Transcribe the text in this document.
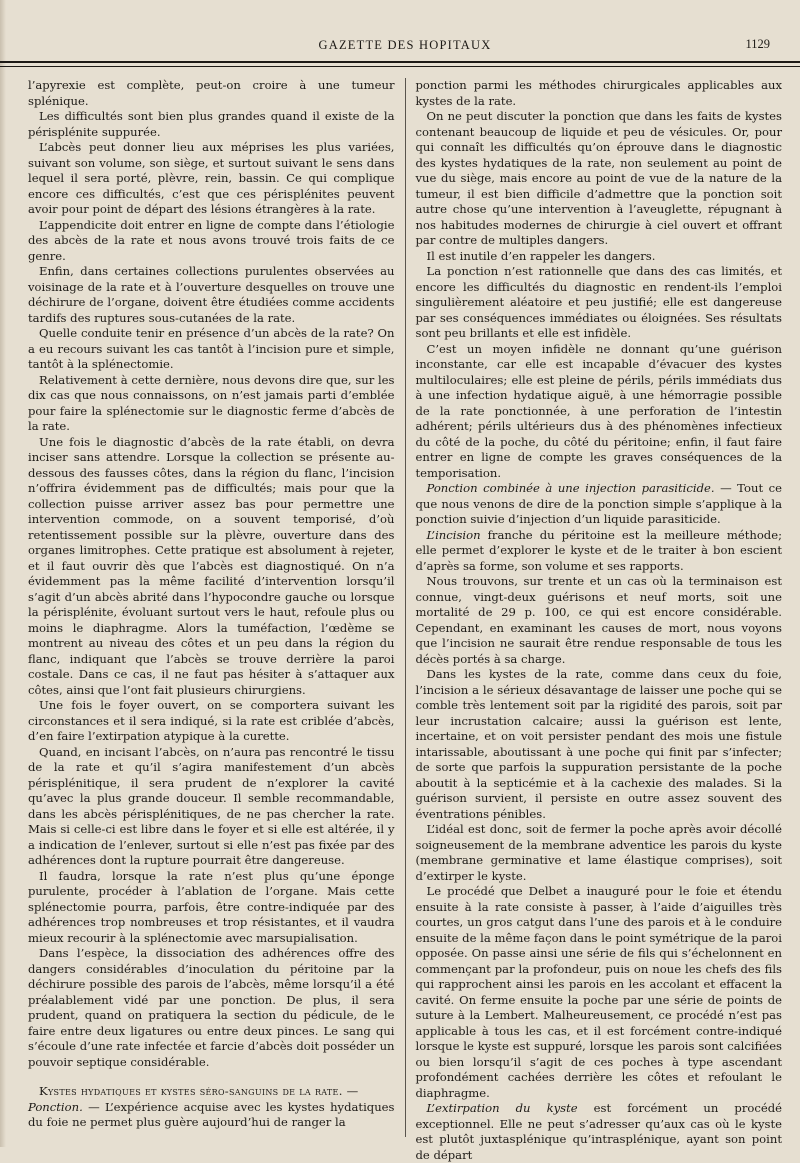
GAZETTE DES HOPITAUX	1129

l’apyrexie est complète, peut-on croire à une tumeur splénique.

Les difficultés sont bien plus grandes quand il existe de la périsplénite suppurée.

L’abcès peut donner lieu aux méprises les plus variées, suivant son volume, son siège, et surtout suivant le sens dans lequel il sera porté, plèvre, rein, bassin. Ce qui complique encore ces difficultés, c’est que ces périsplénites peuvent avoir pour point de départ des lésions étrangères à la rate.

L’appendicite doit entrer en ligne de compte dans l’étiologie des abcès de la rate et nous avons trouvé trois faits de ce genre.

Enfin, dans certaines collections purulentes observées au voisinage de la rate et à l’ouverture desquelles on trouve une déchirure de l’organe, doivent être étudiées comme accidents tardifs des ruptures sous-cutanées de la rate.

Quelle conduite tenir en présence d’un abcès de la rate? On a eu recours suivant les cas tantôt à l’incision pure et simple, tantôt à la splénectomie.

Relativement à cette dernière, nous devons dire que, sur les dix cas que nous connaissons, on n’est jamais parti d’emblée pour faire la splénectomie sur le diagnostic ferme d’abcès de la rate.

Une fois le diagnostic d’abcès de la rate établi, on devra inciser sans attendre. Lorsque la collection se présente au-dessous des fausses côtes, dans la région du flanc, l’incision n’offrira évidemment pas de difficultés; mais pour que la collection puisse arriver assez bas pour permettre une intervention commode, on a souvent temporisé, d’où retentissement possible sur la plèvre, ouverture dans des organes limitrophes. Cette pratique est absolument à rejeter, et il faut ouvrir dès que l’abcès est diagnostiqué. On n’a évidemment pas la même facilité d’intervention lorsqu’il s’agit d’un abcès abrité dans l’hypocondre gauche ou lorsque la périsplénite, évoluant surtout vers le haut, refoule plus ou moins le diaphragme. Alors la tuméfaction, l’œdème se montrent au niveau des côtes et un peu dans la région du flanc, indiquant que l’abcès se trouve derrière la paroi costale. Dans ce cas, il ne faut pas hésiter à s’attaquer aux côtes, ainsi que l’ont fait plusieurs chirurgiens.

Une fois le foyer ouvert, on se comportera suivant les circonstances et il sera indiqué, si la rate est criblée d’abcès, d’en faire l’extirpation atypique à la curette.

Quand, en incisant l’abcès, on n’aura pas rencontré le tissu de la rate et qu’il s’agira manifestement d’un abcès périsplénitique, il sera prudent de n’explorer la cavité qu’avec la plus grande douceur. Il semble recommandable, dans les abcès périsplénitiques, de ne pas chercher la rate. Mais si celle-ci est libre dans le foyer et si elle est altérée, il y a indication de l’enlever, surtout si elle n’est pas fixée par des adhérences dont la rupture pourrait être dangereuse.

Il faudra, lorsque la rate n’est plus qu’une éponge purulente, procéder à l’ablation de l’organe. Mais cette splénectomie pourra, parfois, être contre-indiquée par des adhérences trop nombreuses et trop résistantes, et il vaudra mieux recourir à la splénectomie avec marsupialisation.

Dans l’espèce, la dissociation des adhérences offre des dangers considérables d’inoculation du péritoine par la déchirure possible des parois de l’abcès, même lorsqu’il a été préalablement vidé par une ponction. De plus, il sera prudent, quand on pratiquera la section du pédicule, de le faire entre deux ligatures ou entre deux pinces. Le sang qui s’écoule d’une rate infectée et farcie d’abcès doit posséder un pouvoir septique considérable.

Kystes hydatiques et kystes séro-sanguins de la rate. —
Ponction. — L’expérience acquise avec les kystes hydatiques du foie ne permet plus guère aujourd’hui de ranger la

ponction parmi les méthodes chirurgicales applicables aux kystes de la rate.

On ne peut discuter la ponction que dans les faits de kystes contenant beaucoup de liquide et peu de vésicules. Or, pour qui connaît les difficultés qu’on éprouve dans le diagnostic des kystes hydatiques de la rate, non seulement au point de vue du siège, mais encore au point de vue de la nature de la tumeur, il est bien difficile d’admettre que la ponction soit autre chose qu’une intervention à l’aveuglette, répugnant à nos habitudes modernes de chirurgie à ciel ouvert et offrant par contre de multiples dangers.

Il est inutile d’en rappeler les dangers.

La ponction n’est rationnelle que dans des cas limités, et encore les difficultés du diagnostic en rendent-ils l’emploi singulièrement aléatoire et peu justifié; elle est dangereuse par ses conséquences immédiates ou éloignées. Ses résultats sont peu brillants et elle est infidèle.

C’est un moyen infidèle ne donnant qu’une guérison inconstante, car elle est incapable d’évacuer des kystes multiloculaires; elle est pleine de périls, périls immédiats dus à une infection hydatique aiguë, à une hémorragie possible de la rate ponctionnée, à une perforation de l’intestin adhérent; périls ultérieurs dus à des phénomènes infectieux du côté de la poche, du côté du péritoine; enfin, il faut faire entrer en ligne de compte les graves conséquences de la temporisation.

Ponction combinée à une injection parasiticide. — Tout ce que nous venons de dire de la ponction simple s’applique à la ponction suivie d’injection d’un liquide parasiticide.

L’incision franche du péritoine est la meilleure méthode; elle permet d’explorer le kyste et de le traiter à bon escient d’après sa forme, son volume et ses rapports.

Nous trouvons, sur trente et un cas où la terminaison est connue, vingt-deux guérisons et neuf morts, soit une mortalité de 29 p. 100, ce qui est encore considérable. Cependant, en examinant les causes de mort, nous voyons que l’incision ne saurait être rendue responsable de tous les décès portés à sa charge.

Dans les kystes de la rate, comme dans ceux du foie, l’incision a le sérieux désavantage de laisser une poche qui se comble très lentement soit par la rigidité des parois, soit par leur incrustation calcaire; aussi la guérison est lente, incertaine, et on voit persister pendant des mois une fistule intarissable, aboutissant à une poche qui finit par s’infecter; de sorte que parfois la suppuration persistante de la poche aboutit à la septicémie et à la cachexie des malades. Si la guérison survient, il persiste en outre assez souvent des éventrations pénibles.

L’idéal est donc, soit de fermer la poche après avoir décollé soigneusement de la membrane adventice les parois du kyste (membrane germinative et lame élastique comprises), soit d’extirper le kyste.

Le procédé que Delbet a inauguré pour le foie et étendu ensuite à la rate consiste à passer, à l’aide d’aiguilles très courtes, un gros catgut dans l’une des parois et à le conduire ensuite de la même façon dans le point symétrique de la paroi opposée. On passe ainsi une série de fils qui s’échelonnent en commençant par la profondeur, puis on noue les chefs des fils qui rapprochent ainsi les parois en les accolant et effacent la cavité. On ferme ensuite la poche par une série de points de suture à la Lembert. Malheureusement, ce procédé n’est pas applicable à tous les cas, et il est forcément contre-indiqué lorsque le kyste est suppuré, lorsque les parois sont calcifiées ou bien lorsqu’il s’agit de ces poches à type ascendant profondément cachées derrière les côtes et refoulant le diaphragme.

L’extirpation du kyste est forcément un procédé exceptionnel. Elle ne peut s’adresser qu’aux cas où le kyste est plutôt juxtasplénique qu’intrasplénique, ayant son point de départ
